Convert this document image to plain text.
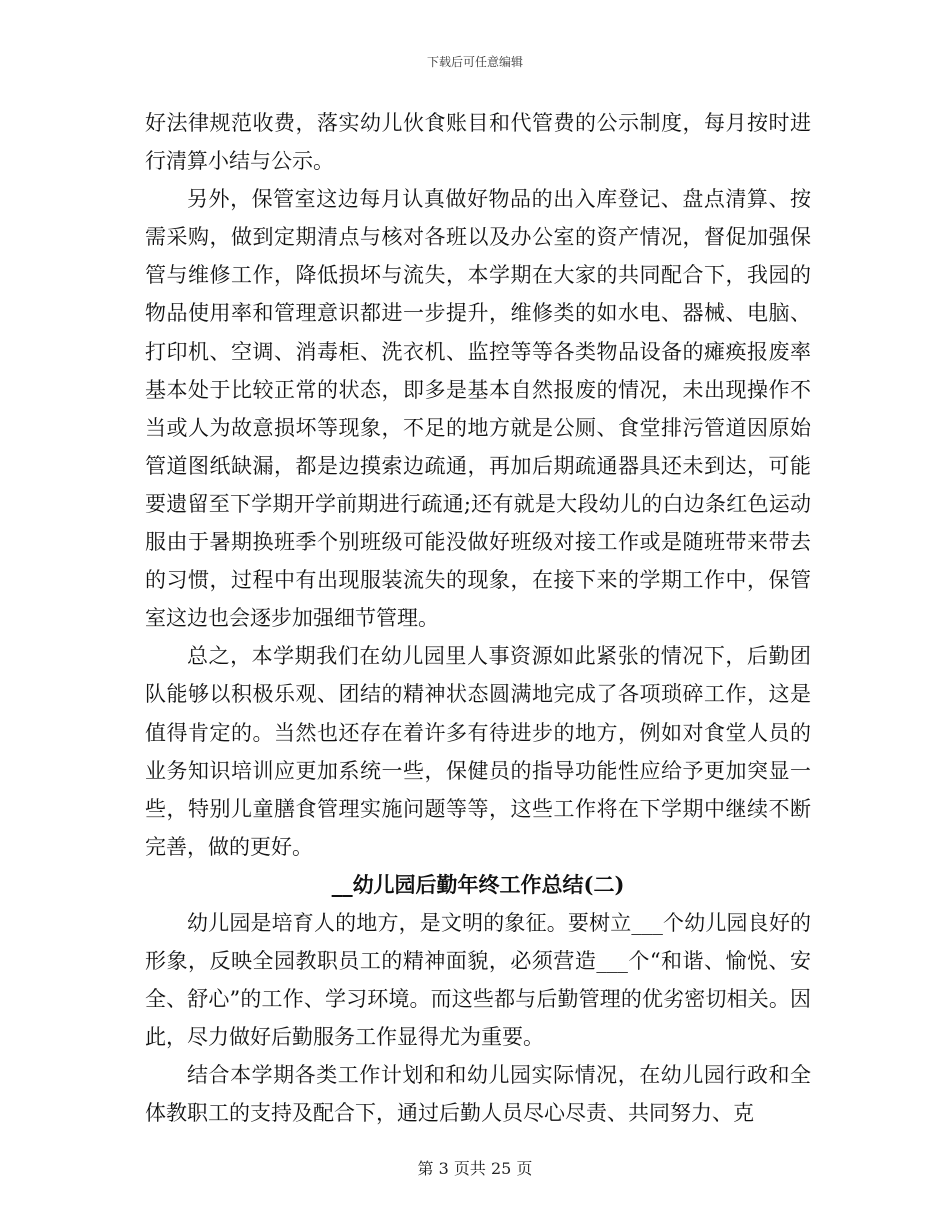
下载后可任意编辑

好法律规范收费，落实幼儿伙食账目和代管费的公示制度，每月按时进行清算小结与公示。

另外，保管室这边每月认真做好物品的出入库登记、盘点清算、按需采购，做到定期清点与核对各班以及办公室的资产情况，督促加强保管与维修工作，降低损坏与流失，本学期在大家的共同配合下，我园的物品使用率和管理意识都进一步提升，维修类的如水电、器械、电脑、打印机、空调、消毒柜、洗衣机、监控等等各类物品设备的瘫痪报废率基本处于比较正常的状态，即多是基本自然报废的情况，未出现操作不当或人为故意损坏等现象，不足的地方就是公厕、食堂排污管道因原始管道图纸缺漏，都是边摸索边疏通，再加后期疏通器具还未到达，可能要遗留至下学期开学前期进行疏通;还有就是大段幼儿的白边条红色运动服由于暑期换班季个别班级可能没做好班级对接工作或是随班带来带去的习惯，过程中有出现服装流失的现象，在接下来的学期工作中，保管室这边也会逐步加强细节管理。

总之，本学期我们在幼儿园里人事资源如此紧张的情况下，后勤团队能够以积极乐观、团结的精神状态圆满地完成了各项琐碎工作，这是值得肯定的。当然也还存在着许多有待进步的地方，例如对食堂人员的业务知识培训应更加系统一些，保健员的指导功能性应给予更加突显一些，特别儿童膳食管理实施问题等等，这些工作将在下学期中继续不断完善，做的更好。

__幼儿园后勤年终工作总结(二)

幼儿园是培育人的地方，是文明的象征。要树立___个幼儿园良好的形象，反映全园教职员工的精神面貌，必须营造___个“和谐、愉悦、安全、舒心”的工作、学习环境。而这些都与后勤管理的优劣密切相关。因此，尽力做好后勤服务工作显得尤为重要。

结合本学期各类工作计划和和幼儿园实际情况，在幼儿园行政和全体教职工的支持及配合下，通过后勤人员尽心尽责、共同努力、克

第 3 页共 25 页
